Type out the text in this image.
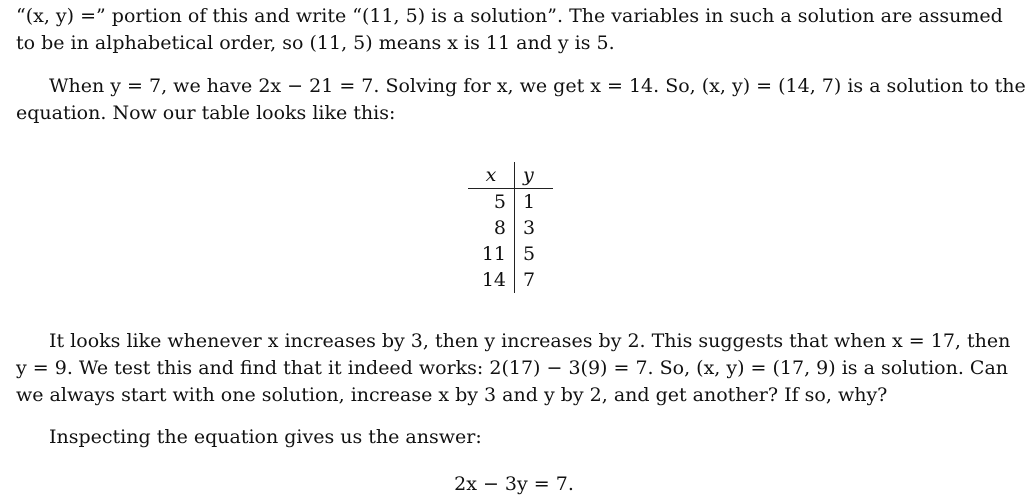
“(x, y) =” portion of this and write “(11, 5) is a solution”. The variables in such a solution are assumed
to be in alphabetical order, so (11, 5) means x is 11 and y is 5.

When y = 7, we have 2x − 21 = 7. Solving for x, we get x = 14. So, (x, y) = (14, 7) is a solution to the
equation. Now our table looks like this:

x	y
5	1
8	3
11	5
14	7

It looks like whenever x increases by 3, then y increases by 2. This suggests that when x = 17, then
y = 9. We test this and find that it indeed works: 2(17) − 3(9) = 7. So, (x, y) = (17, 9) is a solution. Can
we always start with one solution, increase x by 3 and y by 2, and get another? If so, why?

Inspecting the equation gives us the answer:

2x − 3y = 7.
